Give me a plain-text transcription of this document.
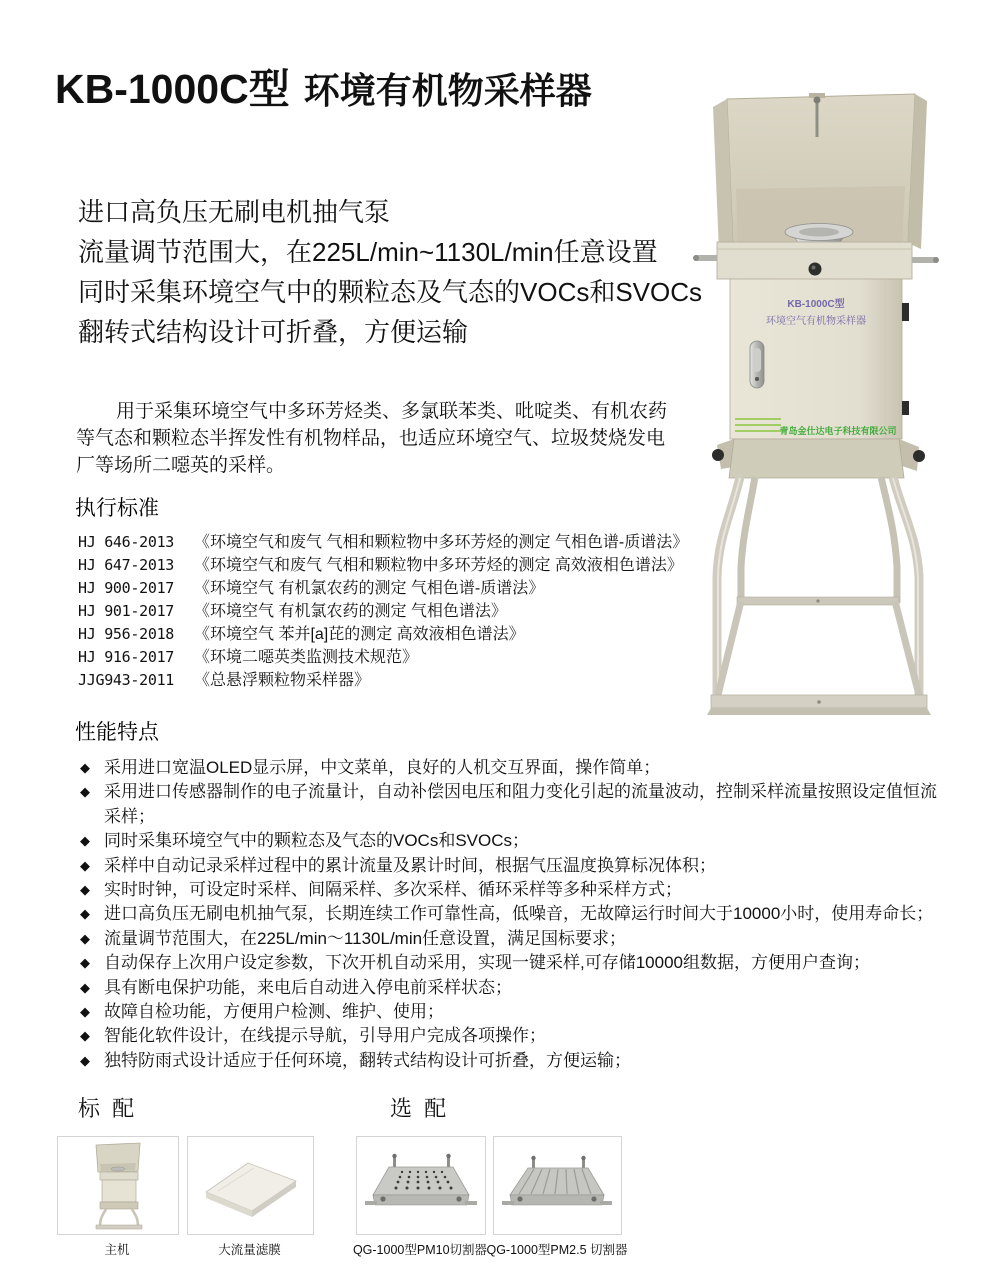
KB-1000C型 环境有机物采样器
进口高负压无刷电机抽气泵
流量调节范围大，在225L/min~1130L/min任意设置
同时采集环境空气中的颗粒态及气态的VOCs和SVOCs
翻转式结构设计可折叠，方便运输

用于采集环境空气中多环芳烃类、多氯联苯类、吡啶类、有机农药等气态和颗粒态半挥发性有机物样品，也适应环境空气、垃圾焚烧发电厂等场所二噁英的采样。

执行标准
HJ 646-2013	《环境空气和废气 气相和颗粒物中多环芳烃的测定 气相色谱-质谱法》
HJ 647-2013	《环境空气和废气 气相和颗粒物中多环芳烃的测定 高效液相色谱法》
HJ 900-2017	《环境空气 有机氯农药的测定 气相色谱-质谱法》
HJ 901-2017	《环境空气 有机氯农药的测定 气相色谱法》
HJ 956-2018	《环境空气 苯并[a]芘的测定 高效液相色谱法》
HJ 916-2017	《环境二噁英类监测技术规范》
JJG943-2011	《总悬浮颗粒物采样器》
性能特点
◆ 采用进口宽温OLED显示屏，中文菜单，良好的人机交互界面，操作简单；
◆ 采用进口传感器制作的电子流量计，自动补偿因电压和阻力变化引起的流量波动，控制采样流量按照设定值恒流采样；
◆ 同时采集环境空气中的颗粒态及气态的VOCs和SVOCs；
◆ 采样中自动记录采样过程中的累计流量及累计时间，根据气压温度换算标况体积；
◆ 实时时钟，可设定时采样、间隔采样、多次采样、循环采样等多种采样方式；
◆ 进口高负压无刷电机抽气泵，长期连续工作可靠性高，低噪音，无故障运行时间大于10000小时，使用寿命长；
◆ 流量调节范围大，在225L/min～1130L/min任意设置，满足国标要求；
◆ 自动保存上次用户设定参数，下次开机自动采用，实现一键采样,可存储10000组数据，方便用户查询；
◆ 具有断电保护功能，来电后自动进入停电前采样状态；
◆ 故障自检功能，方便用户检测、维护、使用；
◆ 智能化软件设计，在线提示导航，引导用户完成各项操作；
◆ 独特防雨式设计适应于任何环境，翻转式结构设计可折叠，方便运输；
标 配	选 配
主机	大流量滤膜	QG-1000型PM10切割器 QG-1000型PM2.5 切割器
KB-1000C型
环境空气有机物采样器
青岛金仕达电子科技有限公司
